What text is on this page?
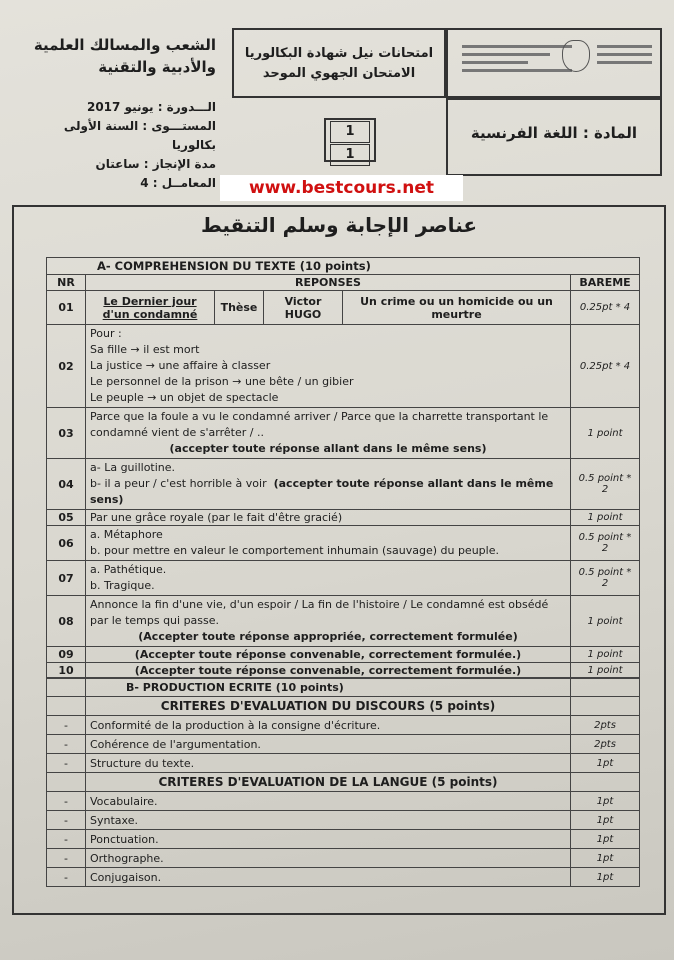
الشعب والمسالك العلمية
والأدبية والتقنية
امتحانات نيل شهادة البكالوريا
الامتحان الجهوي الموحد
الـــدورة : يونيو 2017
المستـــوى : السنة الأولى بكالوريا
مدة الإنجاز : ساعتان
المعامــل : 4
1
1
المادة : اللغة الفرنسية
www.bestcours.net
عناصر الإجابة وسلم التنقيط
A- COMPREHENSION DU TEXTE (10 points)					
NR	REPONSES				BAREME
01	Le Dernier jour d'un condamné	Thèse	Victor HUGO	Un crime ou un homicide ou un meurtre	0.25pt * 4
02	Pour :
Sa fille → il est mort
La justice → une affaire à classer
Le personnel de la prison → une bête / un gibier
Le peuple → un objet de spectacle				0.25pt * 4
03	Parce que la foule a vu le condamné arriver / Parce que la charrette transportant le condamné vient de s'arrêter / ..
(accepter toute réponse allant dans le même sens)				1 point
04	a- La guillotine.
b- il a peur / c'est horrible à voir (accepter toute réponse allant dans le même sens)				0.5 point * 2
05	Par une grâce royale (par le fait d'être gracié)				1 point
06	a. Métaphore
b. pour mettre en valeur le comportement inhumain (sauvage) du peuple.				0.5 point * 2
07	a. Pathétique.
b. Tragique.				0.5 point * 2
08	Annonce la fin d'une vie, d'un espoir / La fin de l'histoire / Le condamné est obsédé par le temps qui passe.
(Accepter toute réponse appropriée, correctement formulée)				1 point
09	(Accepter toute réponse convenable, correctement formulée.)				1 point
10	(Accepter toute réponse convenable, correctement formulée.)				1 point
	B- PRODUCTION ECRITE (10 points)	
	CRITERES D'EVALUATION DU DISCOURS (5 points)	
-	Conformité de la production à la consigne d'écriture.	2pts
-	Cohérence de l'argumentation.	2pts
-	Structure du texte.	1pt
	CRITERES D'EVALUATION DE LA LANGUE (5 points)	
-	Vocabulaire.	1pt
-	Syntaxe.	1pt
-	Ponctuation.	1pt
-	Orthographe.	1pt
-	Conjugaison.	1pt
